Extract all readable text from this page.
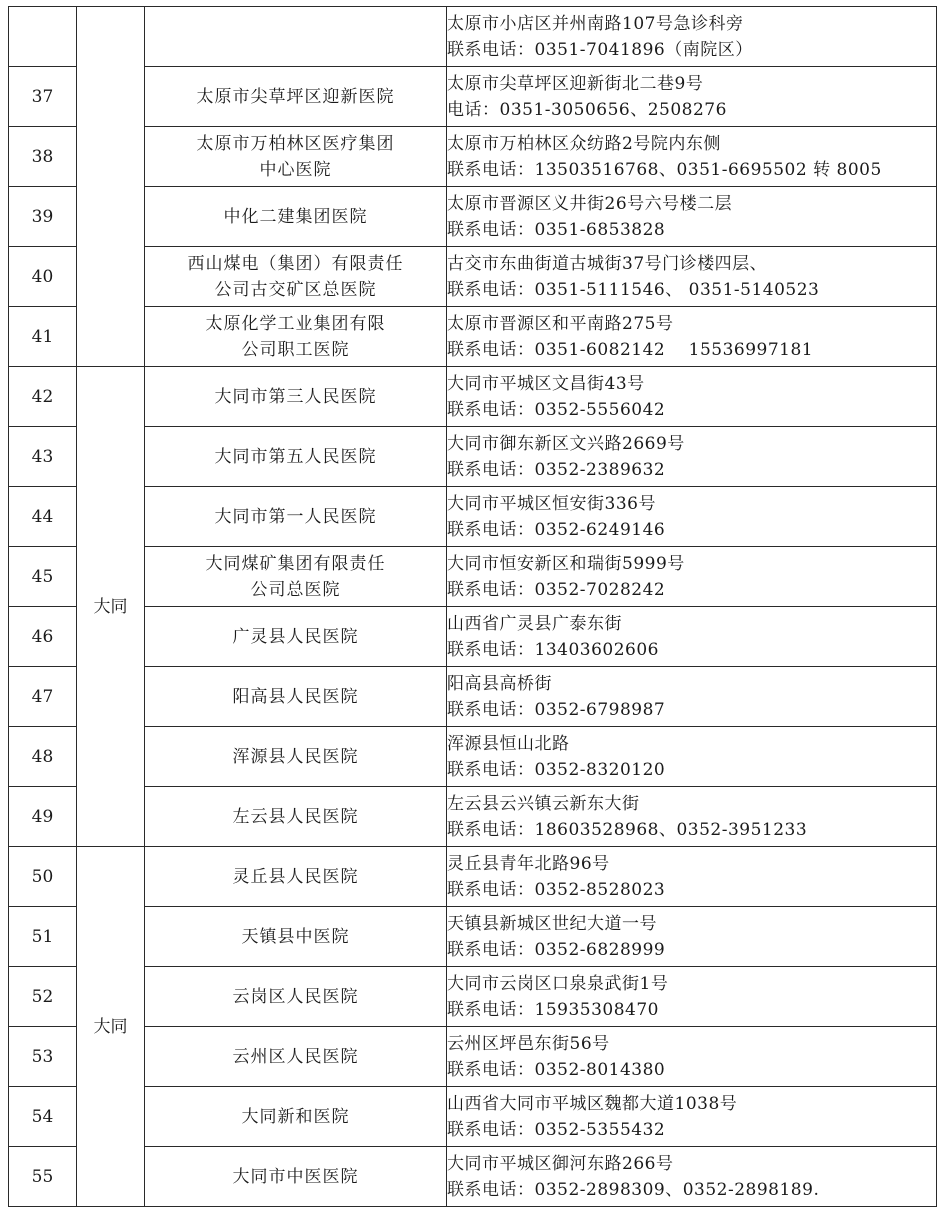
			太原市小店区并州南路107号急诊科旁
联系电话：0351-7041896（南院区）

37		太原市尖草坪区迎新医院	太原市尖草坪区迎新街北二巷9号
电话：0351-3050656、2508276

38		太原市万柏林区医疗集团
中心医院	太原市万柏林区众纺路2号院内东侧
联系电话：13503516768、0351-6695502 转 8005

39		中化二建集团医院	太原市晋源区义井街26号六号楼二层
联系电话：0351-6853828

40		西山煤电（集团）有限责任
公司古交矿区总医院	古交市东曲街道古城街37号门诊楼四层、
联系电话：0351-5111546、 0351-5140523

41		太原化学工业集团有限
公司职工医院	太原市晋源区和平南路275号
联系电话：0351-6082142　 15536997181

42	大同	大同市第三人民医院	大同市平城区文昌街43号
联系电话：0352-5556042

43		大同市第五人民医院	大同市御东新区文兴路2669号
联系电话：0352-2389632

44		大同市第一人民医院	大同市平城区恒安街336号
联系电话：0352-6249146

45		大同煤矿集团有限责任
公司总医院	大同市恒安新区和瑞街5999号
联系电话：0352-7028242

46		广灵县人民医院	山西省广灵县广泰东街
联系电话：13403602606

47		阳高县人民医院	阳高县高桥街
联系电话：0352-6798987

48		浑源县人民医院	浑源县恒山北路
联系电话：0352-8320120

49		左云县人民医院	左云县云兴镇云新东大街
联系电话：18603528968、0352-3951233

50	大同	灵丘县人民医院	灵丘县青年北路96号
联系电话：0352-8528023

51		天镇县中医院	天镇县新城区世纪大道一号
联系电话：0352-6828999

52		云岗区人民医院	大同市云岗区口泉泉武街1号
联系电话：15935308470

53		云州区人民医院	云州区坪邑东街56号
联系电话：0352-8014380

54		大同新和医院	山西省大同市平城区魏都大道1038号
联系电话：0352-5355432

55		大同市中医医院	大同市平城区御河东路266号
联系电话：0352-2898309、0352-2898189.
